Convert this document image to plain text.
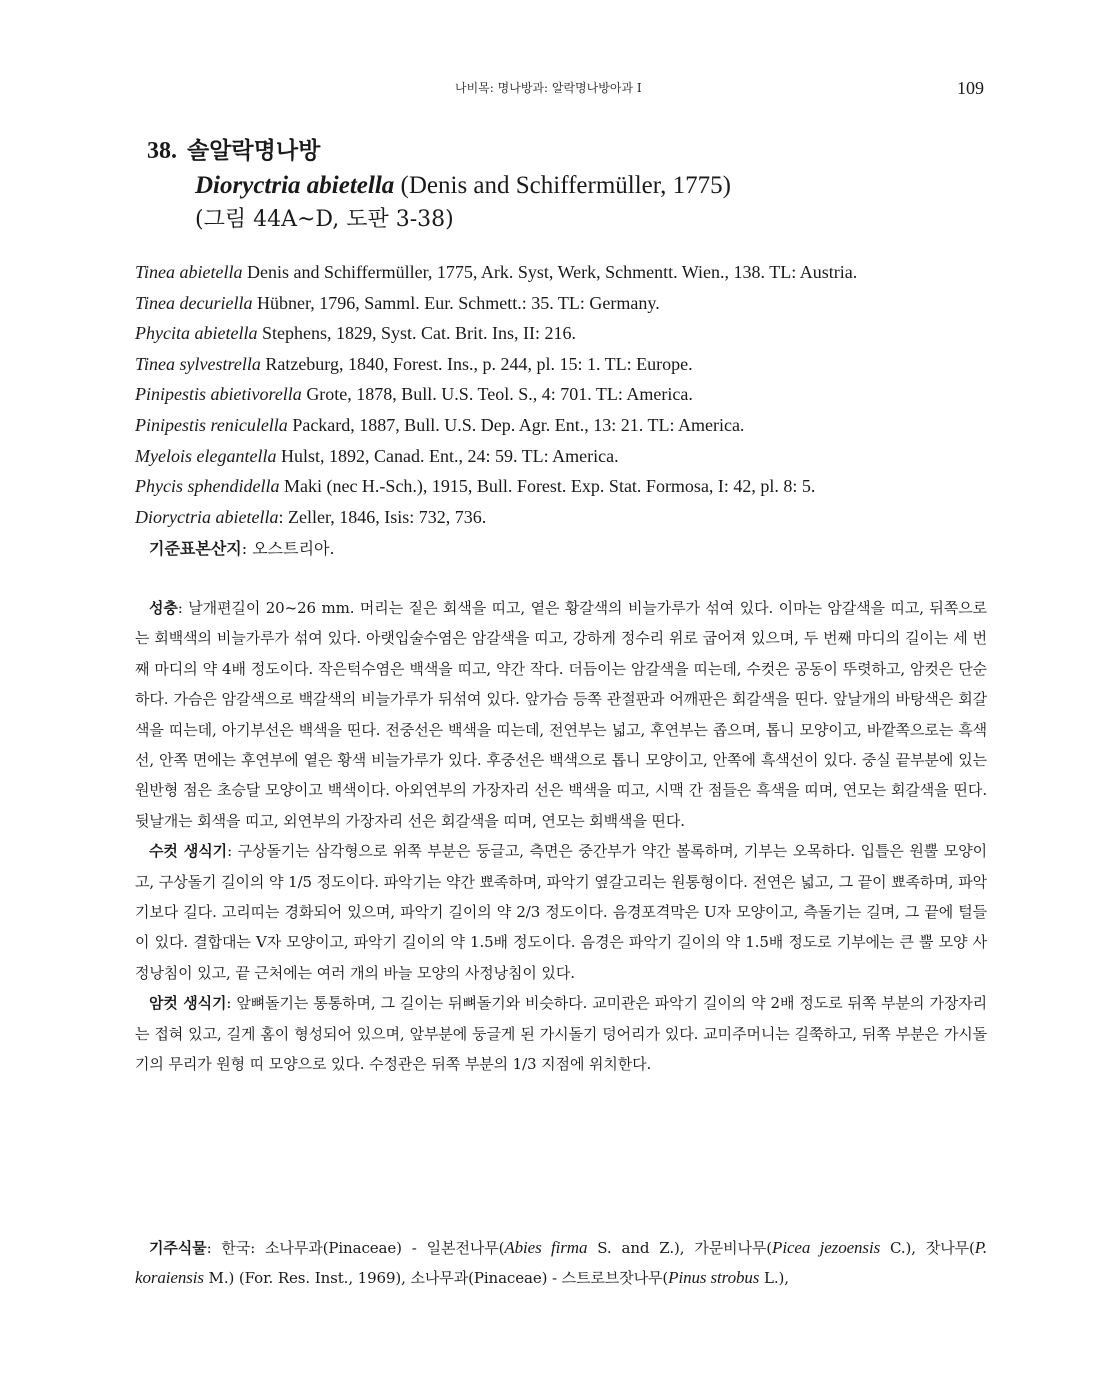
나비목: 명나방과: 알락명나방아과 I	109
38. 솔알락명나방
Dioryctria abietella (Denis and Schiffermüller, 1775)
(그림 44A~D, 도판 3-38)
Tinea abietella Denis and Schiffermüller, 1775, Ark. Syst, Werk, Schmentt. Wien., 138. TL: Austria.
Tinea decuriella Hübner, 1796, Samml. Eur. Schmett.: 35. TL: Germany.
Phycita abietella Stephens, 1829, Syst. Cat. Brit. Ins, II: 216.
Tinea sylvestrella Ratzeburg, 1840, Forest. Ins., p. 244, pl. 15: 1. TL: Europe.
Pinipestis abietivorella Grote, 1878, Bull. U.S. Teol. S., 4: 701. TL: America.
Pinipestis reniculella Packard, 1887, Bull. U.S. Dep. Agr. Ent., 13: 21. TL: America.
Myelois elegantella Hulst, 1892, Canad. Ent., 24: 59. TL: America.
Phycis sphendidella Maki (nec H.-Sch.), 1915, Bull. Forest. Exp. Stat. Formosa, I: 42, pl. 8: 5.
Dioryctria abietella: Zeller, 1846, Isis: 732, 736.
기준표본산지: 오스트리아.

성충: 날개편길이 20~26 mm. 머리는 짙은 회색을 띠고, 옅은 황갈색의 비늘가루가 섞여 있다. 이마는 암갈색을 띠고, 뒤쪽으로는 회백색의 비늘가루가 섞여 있다. 아랫입술수염은 암갈색을 띠고, 강하게 정수리 위로 굽어져 있으며, 두 번째 마디의 길이는 세 번째 마디의 약 4배 정도이다. 작은턱수염은 백색을 띠고, 약간 작다. 더듬이는 암갈색을 띠는데, 수컷은 공동이 뚜렷하고, 암컷은 단순하다. 가슴은 암갈색으로 백갈색의 비늘가루가 뒤섞여 있다. 앞가슴 등쪽 관절판과 어깨판은 회갈색을 띤다. 앞날개의 바탕색은 회갈색을 띠는데, 아기부선은 백색을 띤다. 전중선은 백색을 띠는데, 전연부는 넓고, 후연부는 좁으며, 톱니 모양이고, 바깥쪽으로는 흑색선, 안쪽 면에는 후연부에 옅은 황색 비늘가루가 있다. 후중선은 백색으로 톱니 모양이고, 안쪽에 흑색선이 있다. 중실 끝부분에 있는 원반형 점은 초승달 모양이고 백색이다. 아외연부의 가장자리 선은 백색을 띠고, 시맥 간 점들은 흑색을 띠며, 연모는 회갈색을 띤다. 뒷날개는 회색을 띠고, 외연부의 가장자리 선은 회갈색을 띠며, 연모는 회백색을 띤다.

수컷 생식기: 구상돌기는 삼각형으로 위쪽 부분은 둥글고, 측면은 중간부가 약간 볼록하며, 기부는 오목하다. 입틀은 원뿔 모양이고, 구상돌기 길이의 약 1/5 정도이다. 파악기는 약간 뾰족하며, 파악기 옆갈고리는 원통형이다. 전연은 넓고, 그 끝이 뾰족하며, 파악기보다 길다. 고리띠는 경화되어 있으며, 파악기 길이의 약 2/3 정도이다. 음경포격막은 U자 모양이고, 측돌기는 길며, 그 끝에 털들이 있다. 결합대는 V자 모양이고, 파악기 길이의 약 1.5배 정도이다. 음경은 파악기 길이의 약 1.5배 정도로 기부에는 큰 뿔 모양 사정낭침이 있고, 끝 근처에는 여러 개의 바늘 모양의 사정낭침이 있다.

암컷 생식기: 앞뼈돌기는 통통하며, 그 길이는 뒤뼈돌기와 비슷하다. 교미관은 파악기 길이의 약 2배 정도로 뒤쪽 부분의 가장자리는 접혀 있고, 길게 홈이 형성되어 있으며, 앞부분에 둥글게 된 가시돌기 덩어리가 있다. 교미주머니는 길쭉하고, 뒤쪽 부분은 가시돌기의 무리가 원형 띠 모양으로 있다. 수정관은 뒤쪽 부분의 1/3 지점에 위치한다.

기주식물: 한국: 소나무과(Pinaceae) - 일본전나무(Abies firma S. and Z.), 가문비나무(Picea jezoensis C.), 잣나무(P. koraiensis M.) (For. Res. Inst., 1969), 소나무과(Pinaceae) - 스트로브잣나무(Pinus strobus L.),
